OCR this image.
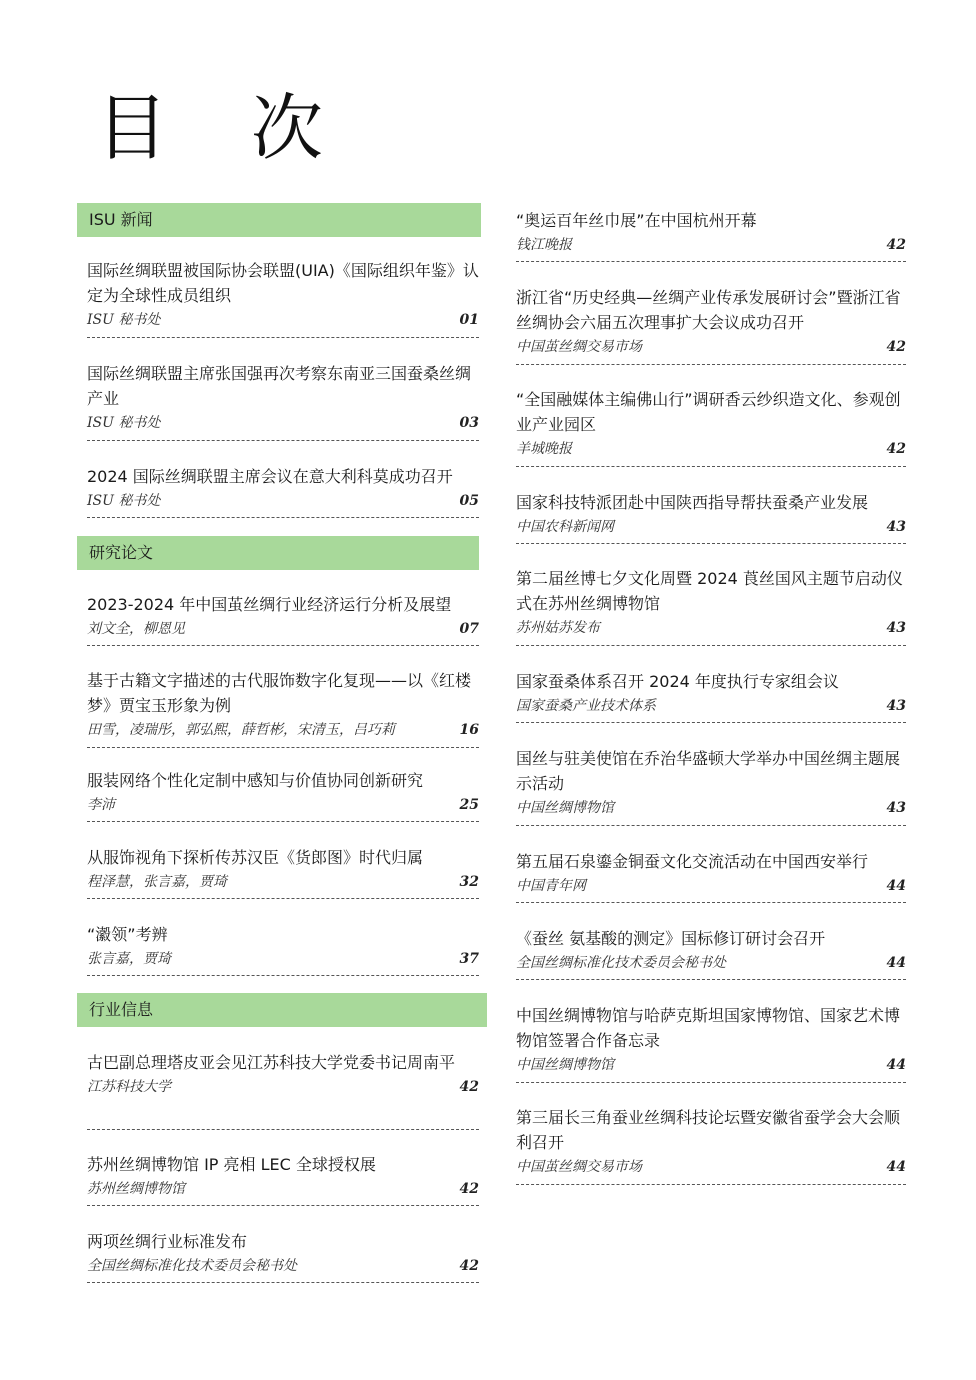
目 次
ISU 新闻
国际丝绸联盟被国际协会联盟(UIA)《国际组织年鉴》认定为全球性成员组织
ISU 秘书处	01
国际丝绸联盟主席张国强再次考察东南亚三国蚕桑丝绸产业
ISU 秘书处	03
2024 国际丝绸联盟主席会议在意大利科莫成功召开
ISU 秘书处	05
研究论文
2023-2024 年中国茧丝绸行业经济运行分析及展望
刘文全，柳恩见	07
基于古籍文字描述的古代服饰数字化复现——以《红楼梦》贾宝玉形象为例
田雪，凌瑞彤，郭弘熙，薛哲彬，宋清玉，吕巧莉	16
服装网络个性化定制中感知与价值协同创新研究
李沛	25
从服饰视角下探析传苏汉臣《货郎图》时代归属
程泽慧，张言嘉，贾琦	32
“瀫领”考辨
张言嘉，贾琦	37
行业信息
古巴副总理塔皮亚会见江苏科技大学党委书记周南平
江苏科技大学	42
苏州丝绸博物馆 IP 亮相 LEC 全球授权展
苏州丝绸博物馆	42
两项丝绸行业标准发布
全国丝绸标准化技术委员会秘书处	42
“奥运百年丝巾展”在中国杭州开幕
钱江晚报	42
浙江省“历史经典—丝绸产业传承发展研讨会”暨浙江省丝绸协会六届五次理事扩大会议成功召开
中国茧丝绸交易市场	42
“全国融媒体主编佛山行”调研香云纱织造文化、参观创业产业园区
羊城晚报	42
国家科技特派团赴中国陕西指导帮扶蚕桑产业发展
中国农科新闻网	43
第二届丝博七夕文化周暨 2024 莨丝国风主题节启动仪式在苏州丝绸博物馆
苏州姑苏发布	43
国家蚕桑体系召开 2024 年度执行专家组会议
国家蚕桑产业技术体系	43
国丝与驻美使馆在乔治华盛顿大学举办中国丝绸主题展示活动
中国丝绸博物馆	43
第五届石泉鎏金铜蚕文化交流活动在中国西安举行
中国青年网	44
《蚕丝 氨基酸的测定》国标修订研讨会召开
全国丝绸标准化技术委员会秘书处	44
中国丝绸博物馆与哈萨克斯坦国家博物馆、国家艺术博物馆签署合作备忘录
中国丝绸博物馆	44
第三届长三角蚕业丝绸科技论坛暨安徽省蚕学会大会顺利召开
中国茧丝绸交易市场	44
